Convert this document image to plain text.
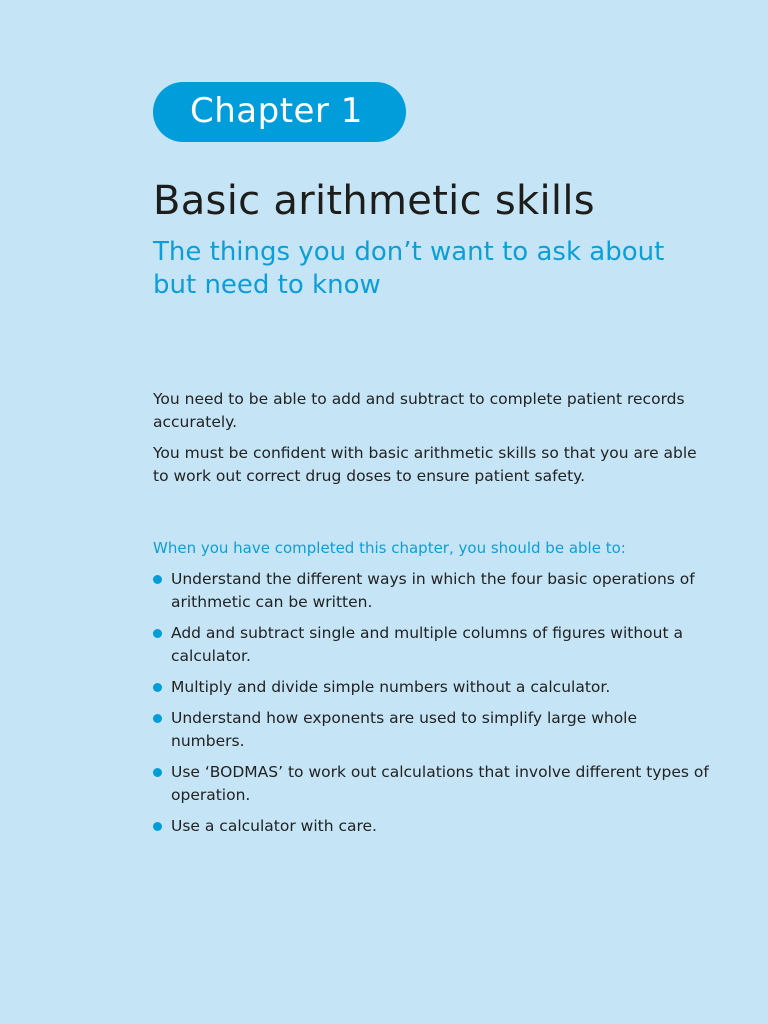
Chapter 1
Basic arithmetic skills
The things you don’t want to ask about but need to know

You need to be able to add and subtract to complete patient records accurately.

You must be confident with basic arithmetic skills so that you are able to work out correct drug doses to ensure patient safety.

When you have completed this chapter, you should be able to:
Understand the different ways in which the four basic operations of arithmetic can be written.
Add and subtract single and multiple columns of figures without a calculator.
Multiply and divide simple numbers without a calculator.
Understand how exponents are used to simplify large whole numbers.
Use ‘BODMAS’ to work out calculations that involve different types of operation.
Use a calculator with care.
